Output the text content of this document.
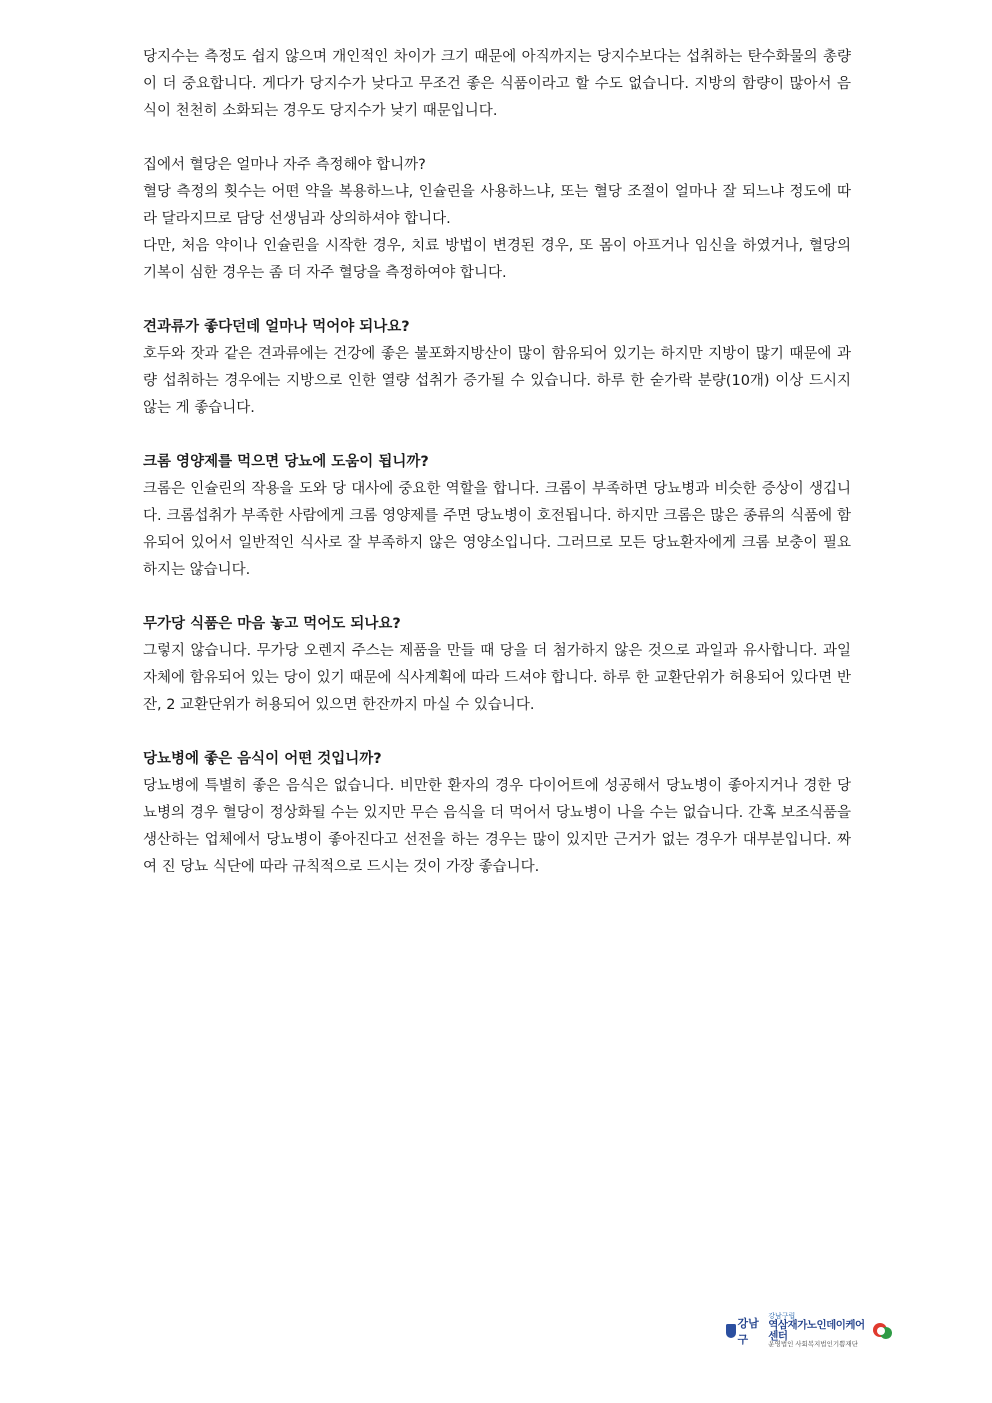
당지수는 측정도 쉽지 않으며 개인적인 차이가 크기 때문에 아직까지는 당지수보다는 섭취하는 탄수화물의 총량이 더 중요합니다. 게다가 당지수가 낮다고 무조건 좋은 식품이라고 할 수도 없습니다. 지방의 함량이 많아서 음식이 천천히 소화되는 경우도 당지수가 낮기 때문입니다.

집에서 혈당은 얼마나 자주 측정해야 합니까?

혈당 측정의 횟수는 어떤 약을 복용하느냐, 인슐린을 사용하느냐, 또는 혈당 조절이 얼마나 잘 되느냐 정도에 따라 달라지므로 담당 선생님과 상의하셔야 합니다.

다만, 처음 약이나 인슐린을 시작한 경우, 치료 방법이 변경된 경우, 또 몸이 아프거나 임신을 하였거나, 혈당의 기복이 심한 경우는 좀 더 자주 혈당을 측정하여야 합니다.

견과류가 좋다던데 얼마나 먹어야 되나요?

호두와 잣과 같은 견과류에는 건강에 좋은 불포화지방산이 많이 함유되어 있기는 하지만 지방이 많기 때문에 과량 섭취하는 경우에는 지방으로 인한 열량 섭취가 증가될 수 있습니다. 하루 한 숟가락 분량(10개) 이상 드시지 않는 게 좋습니다.

크롬 영양제를 먹으면 당뇨에 도움이 됩니까?

크롬은 인슐린의 작용을 도와 당 대사에 중요한 역할을 합니다. 크롬이 부족하면 당뇨병과 비슷한 증상이 생깁니다. 크롬섭취가 부족한 사람에게 크롬 영양제를 주면 당뇨병이 호전됩니다. 하지만 크롬은 많은 종류의 식품에 함유되어 있어서 일반적인 식사로 잘 부족하지 않은 영양소입니다. 그러므로 모든 당뇨환자에게 크롬 보충이 필요하지는 않습니다.

무가당 식품은 마음 놓고 먹어도 되나요?

그렇지 않습니다. 무가당 오렌지 주스는 제품을 만들 때 당을 더 첨가하지 않은 것으로 과일과 유사합니다. 과일 자체에 함유되어 있는 당이 있기 때문에 식사계획에 따라 드셔야 합니다. 하루 한 교환단위가 허용되어 있다면 반잔, 2 교환단위가 허용되어 있으면 한잔까지 마실 수 있습니다.

당뇨병에 좋은 음식이 어떤 것입니까?

당뇨병에 특별히 좋은 음식은 없습니다. 비만한 환자의 경우 다이어트에 성공해서 당뇨병이 좋아지거나 경한 당뇨병의 경우 혈당이 정상화될 수는 있지만 무슨 음식을 더 먹어서 당뇨병이 나을 수는 없습니다. 간혹 보조식품을 생산하는 업체에서 당뇨병이 좋아진다고 선전을 하는 경우는 많이 있지만 근거가 없는 경우가 대부분입니다. 짜여 진 당뇨 식단에 따라 규칙적으로 드시는 것이 가장 좋습니다.

강남구
강남구립
역삼재가노인데이케어센터
운영법인 사회복지법인기쁨재단
